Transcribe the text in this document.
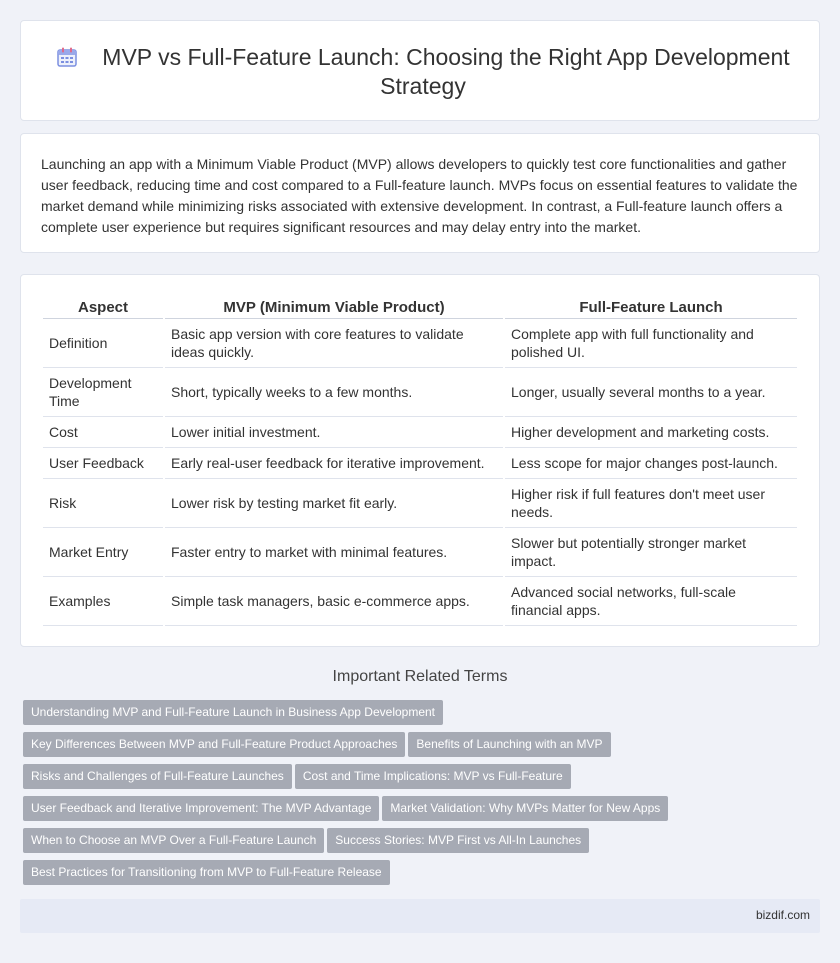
MVP vs Full-Feature Launch: Choosing the Right App Development Strategy

Launching an app with a Minimum Viable Product (MVP) allows developers to quickly test core functionalities and gather user feedback, reducing time and cost compared to a Full-feature launch. MVPs focus on essential features to validate the market demand while minimizing risks associated with extensive development. In contrast, a Full-feature launch offers a complete user experience but requires significant resources and may delay entry into the market.

Aspect	MVP (Minimum Viable Product)	Full-Feature Launch
Definition	Basic app version with core features to validate ideas quickly.	Complete app with full functionality and polished UI.
Development Time	Short, typically weeks to a few months.	Longer, usually several months to a year.
Cost	Lower initial investment.	Higher development and marketing costs.
User Feedback	Early real-user feedback for iterative improvement.	Less scope for major changes post-launch.
Risk	Lower risk by testing market fit early.	Higher risk if full features don't meet user needs.
Market Entry	Faster entry to market with minimal features.	Slower but potentially stronger market impact.
Examples	Simple task managers, basic e-commerce apps.	Advanced social networks, full-scale financial apps.
Important Related Terms
Understanding MVP and Full-Feature Launch in Business App Development
Key Differences Between MVP and Full-Feature Product Approaches Benefits of Launching with an MVP
Risks and Challenges of Full-Feature Launches Cost and Time Implications: MVP vs Full-Feature
User Feedback and Iterative Improvement: The MVP Advantage Market Validation: Why MVPs Matter for New Apps
When to Choose an MVP Over a Full-Feature Launch Success Stories: MVP First vs All-In Launches
Best Practices for Transitioning from MVP to Full-Feature Release
bizdif.com
